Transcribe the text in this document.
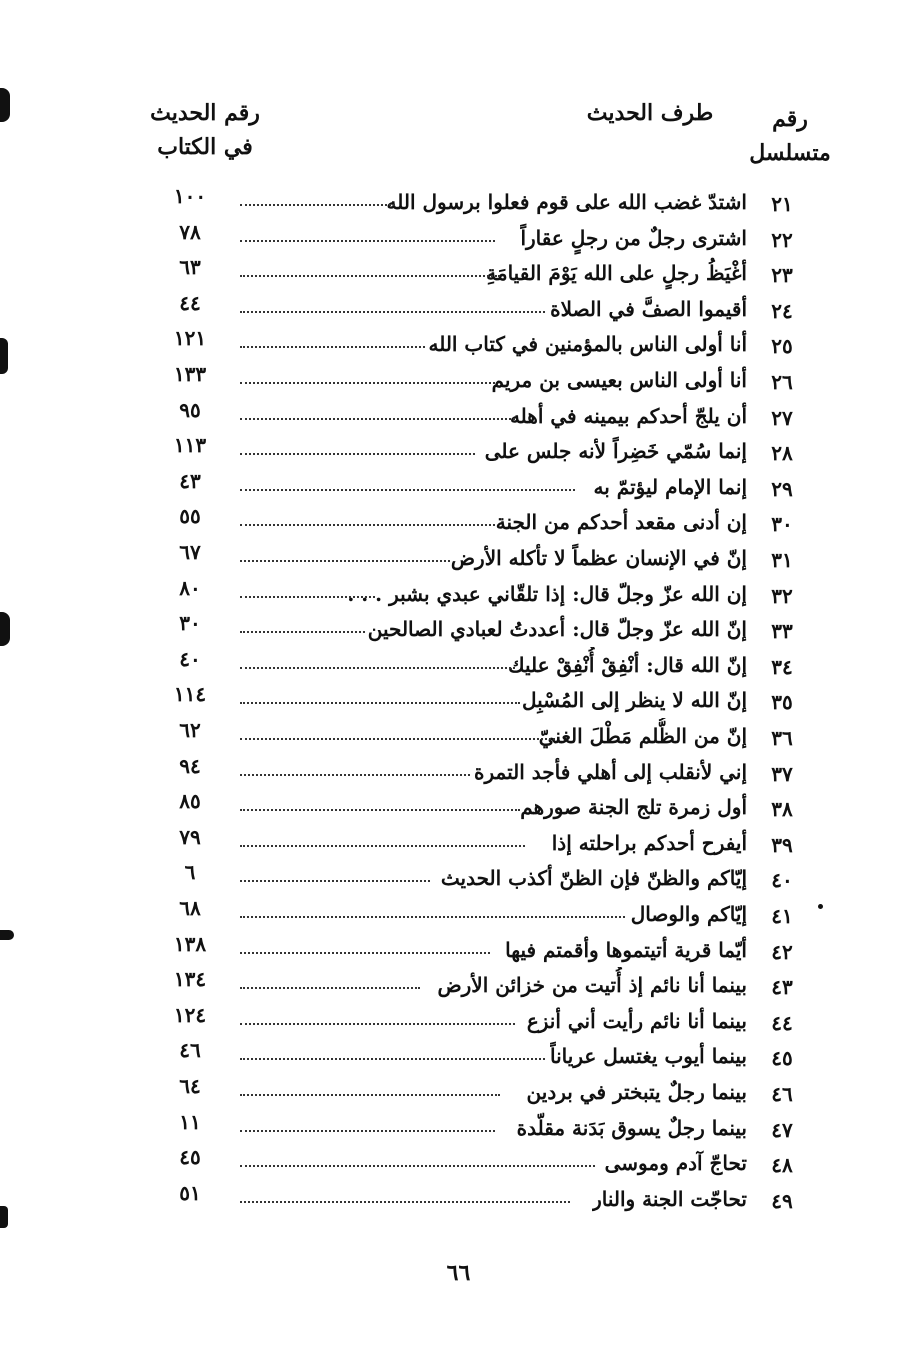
رقم
متسلسل
طرف الحديث
رقم الحديث
في الكتاب
٢١
اشتدّ غضب الله على قوم فعلوا برسول الله
١٠٠
٢٢
اشترى رجلٌ من رجلٍ عقاراً
٧٨
٢٣
أغْيَظُ رجلٍ على الله يَوْمَ القيامَةِ
٦٣
٢٤
أقيموا الصفَّ في الصلاة
٤٤
٢٥
أنا أولى الناس بالمؤمنين في كتاب الله
١٢١
٢٦
أنا أولى الناس بعيسى بن مريم
١٣٣
٢٧
أن يلجّ أحدكم بيمينه في أهله
٩٥
٢٨
إنما سُمّي خَضِراً لأنه جلس على
١١٣
٢٩
إنما الإمام ليؤتمّ به
٤٣
٣٠
إن أدنى مقعد أحدكم من الجنة
٥٥
٣١
إنّ في الإنسان عظماً لا تأكله الأرض
٦٧
٣٢
إن الله عزّ وجلّ قال: إذا تلقّاني عبدي بشبر . . .
٨٠
٣٣
إنّ الله عزّ وجلّ قال: أعددتُ لعبادي الصالحين
٣٠
٣٤
إنّ الله قال: أنْفِقْ أُنْفِقْ عليك
٤٠
٣٥
إنّ الله لا ينظر إلى المُسْبِل
١١٤
٣٦
إنّ من الظُّلم مَطْلَ الغنيّ
٦٢
٣٧
إني لأنقلب إلى أهلي فأجد التمرة
٩٤
٣٨
أول زمرة تلج الجنة صورهم
٨٥
٣٩
أيفرح أحدكم براحلته إذا
٧٩
٤٠
إيّاكم والظنّ فإن الظنّ أكذب الحديث
٦
٤١
إيّاكم والوصال
٦٨
٤٢
أيّما قرية أتيتموها وأقمتم فيها
١٣٨
٤٣
بينما أنا نائم إذ أُتيت من خزائن الأرض
١٣٤
٤٤
بينما أنا نائم رأيت أني أنزع
١٢٤
٤٥
بينما أيوب يغتسل عرياناً
٤٦
٤٦
بينما رجلٌ يتبختر في بردين
٦٤
٤٧
بينما رجلٌ يسوق بَدَنة مقلّدة
١١
٤٨
تحاجّ آدم وموسى
٤٥
٤٩
تحاجّت الجنة والنار
٥١
٦٦
